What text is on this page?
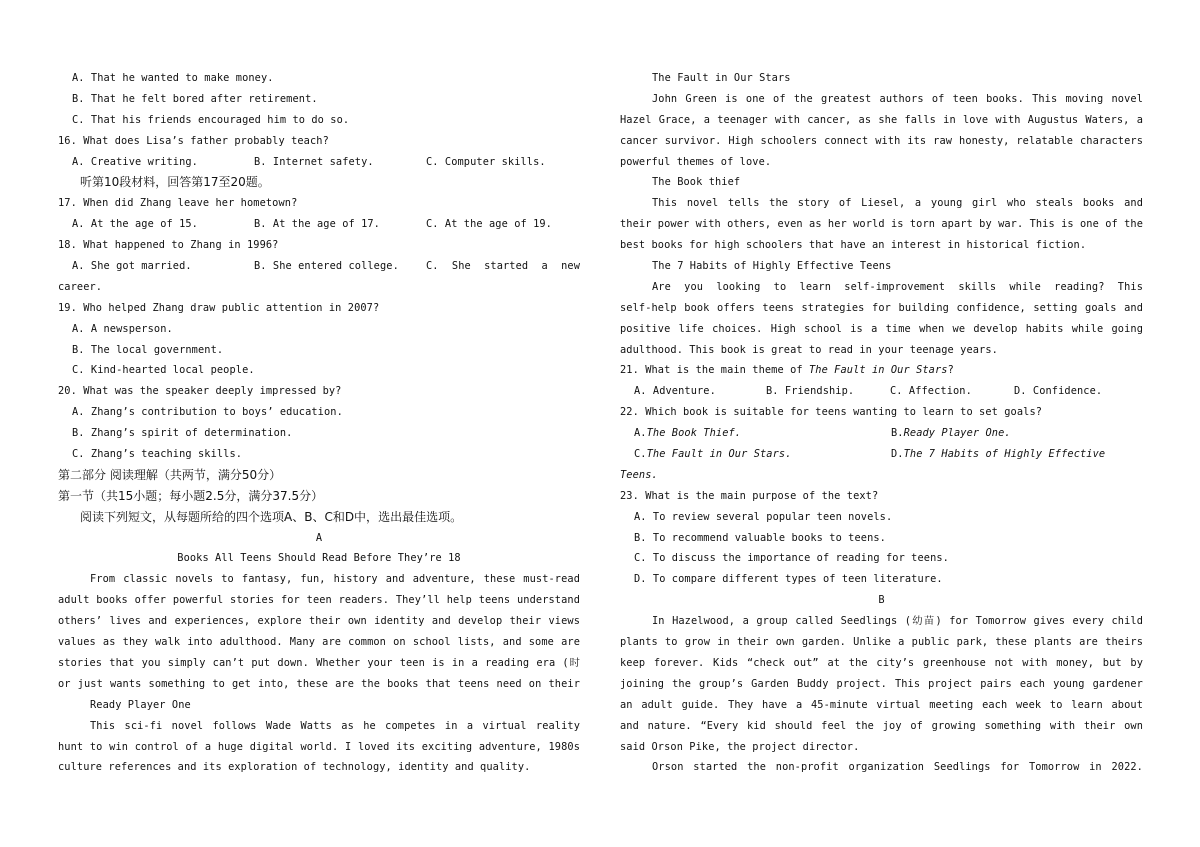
A. That he wanted to make money.
B. That he felt bored after retirement.
C. That his friends encouraged him to do so.
16. What does Lisa’s father probably teach?
A. Creative writing.	B. Internet safety.	C. Computer skills.
听第10段材料，回答第17至20题。
17. When did Zhang leave her hometown?
A. At the age of 15.	B. At the age of 17.	C. At the age of 19.
18. What happened to Zhang in 1996?
A. She got married.	B. She entered college.	C.  She  started  a  new
career.
19. Who helped Zhang draw public attention in 2007?
A. A newsperson.
B. The local government.
C. Kind-hearted local people.
20. What was the speaker deeply impressed by?
A. Zhang’s contribution to boys’ education.
B. Zhang’s spirit of determination.
C. Zhang’s teaching skills.
第二部分 阅读理解（共两节，满分50分）
第一节（共15小题；每小题2.5分，满分37.5分）
阅读下列短文，从每题所给的四个选项A、B、C和D中，选出最佳选项。
A
Books All Teens Should Read Before They’re 18
From classic novels to fantasy, fun, history and adventure, these must-read
adult books offer powerful stories for teen readers. They’ll help teens understand
others’ lives and experiences, explore their own identity and develop their views
values as they walk into adulthood. Many are common on school lists, and some are
stories that you simply can’t put down. Whether your teen is in a reading era (时
or just wants something to get into, these are the books that teens need on their
Ready Player One
This sci-fi novel follows Wade Watts as he competes in a virtual reality
hunt to win control of a huge digital world. I loved its exciting adventure, 1980s
culture references and its exploration of technology, identity and quality.
The Fault in Our Stars
John Green is one of the greatest authors of teen books. This moving novel
Hazel Grace, a teenager with cancer, as she falls in love with Augustus Waters, a
cancer survivor. High schoolers connect with its raw honesty, relatable characters
powerful themes of love.
The Book thief
This novel tells the story of Liesel, a young girl who steals books and
their power with others, even as her world is torn apart by war. This is one of the
best books for high schoolers that have an interest in historical fiction.
The 7 Habits of Highly Effective Teens
Are you looking to learn self-improvement skills while reading? This
self-help book offers teens strategies for building confidence, setting goals and
positive life choices. High school is a time when we develop habits while going
adulthood. This book is great to read in your teenage years.
21. What is the main theme of The Fault in Our Stars?
A. Adventure.	B. Friendship.	C. Affection.	D. Confidence.
22. Which book is suitable for teens wanting to learn to set goals?
A.The Book Thief.	B.Ready Player One.
C.The Fault in Our Stars.	D.The 7 Habits of Highly Effective
Teens.
23. What is the main purpose of the text?
A. To review several popular teen novels.
B. To recommend valuable books to teens.
C. To discuss the importance of reading for teens.
D. To compare different types of teen literature.
B
In Hazelwood, a group called Seedlings (幼苗) for Tomorrow gives every child
plants to grow in their own garden. Unlike a public park, these plants are theirs
keep forever. Kids “check out” at the city’s greenhouse not with money, but by
joining the group’s Garden Buddy project. This project pairs each young gardener
an adult guide. They have a 45-minute virtual meeting each week to learn about
and nature. “Every kid should feel the joy of growing something with their own
said Orson Pike, the project director.
Orson started the non-profit organization Seedlings for Tomorrow in 2022.
